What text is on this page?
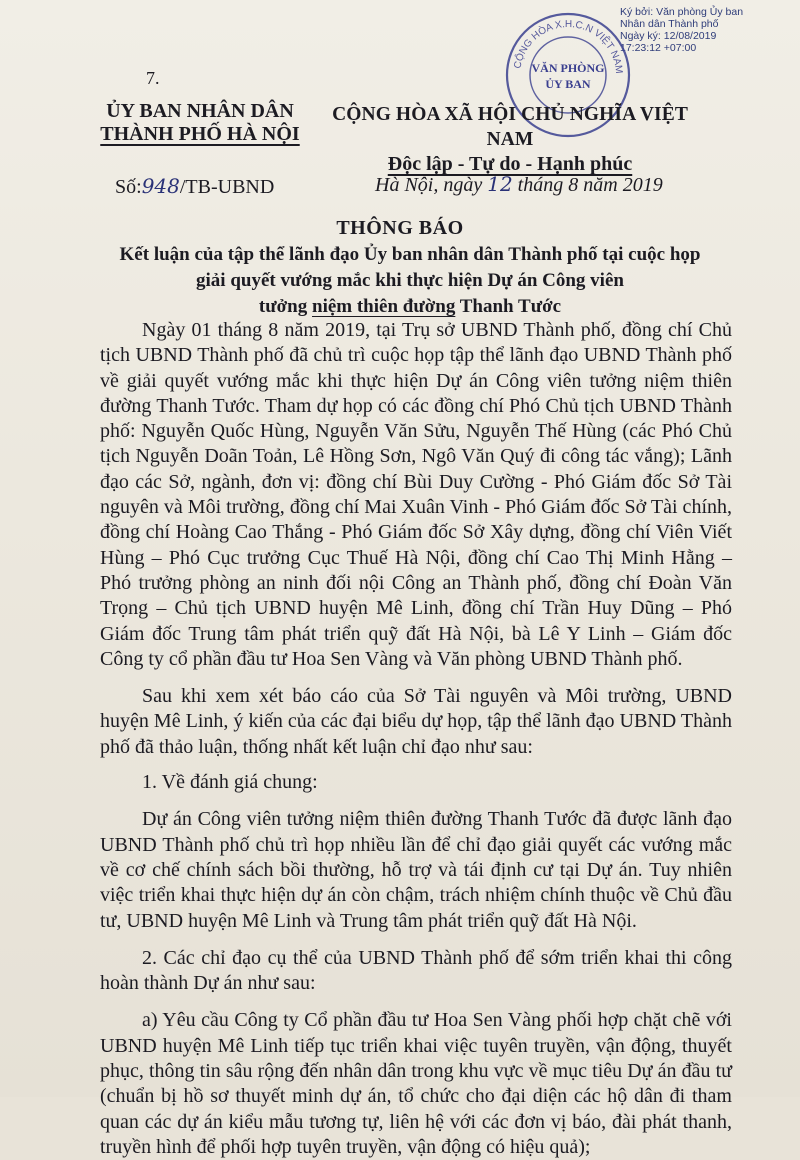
Ký bởi: Văn phòng Ủy ban
Nhân dân Thành phố
Ngày ký: 12/08/2019
17:23:12 +07:00
CỘNG HÒA X.H.C.N VIỆT NAM
VĂN PHÒNG
ỦY BAN
7.
ỦY BAN NHÂN DÂN
THÀNH PHỐ HÀ NỘI
CỘNG HÒA XÃ HỘI CHỦ NGHĨA VIỆT NAM
Độc lập - Tự do - Hạnh phúc
Số:948/TB-UBND	Hà Nội, ngày 12 tháng 8 năm 2019
THÔNG BÁO
Kết luận của tập thể lãnh đạo Ủy ban nhân dân Thành phố tại cuộc họp
giải quyết vướng mắc khi thực hiện Dự án Công viên
tưởng niệm thiên đường Thanh Tước

Ngày 01 tháng 8 năm 2019, tại Trụ sở UBND Thành phố, đồng chí Chủ tịch UBND Thành phố đã chủ trì cuộc họp tập thể lãnh đạo UBND Thành phố về giải quyết vướng mắc khi thực hiện Dự án Công viên tưởng niệm thiên đường Thanh Tước. Tham dự họp có các đồng chí Phó Chủ tịch UBND Thành phố: Nguyễn Quốc Hùng, Nguyễn Văn Sửu, Nguyễn Thế Hùng (các Phó Chủ tịch Nguyễn Doãn Toản, Lê Hồng Sơn, Ngô Văn Quý đi công tác vắng); Lãnh đạo các Sở, ngành, đơn vị: đồng chí Bùi Duy Cường - Phó Giám đốc Sở Tài nguyên và Môi trường, đồng chí Mai Xuân Vinh - Phó Giám đốc Sở Tài chính, đồng chí Hoàng Cao Thắng - Phó Giám đốc Sở Xây dựng, đồng chí Viên Viết Hùng – Phó Cục trưởng Cục Thuế Hà Nội, đồng chí Cao Thị Minh Hằng – Phó trưởng phòng an ninh đối nội Công an Thành phố, đồng chí Đoàn Văn Trọng – Chủ tịch UBND huyện Mê Linh, đồng chí Trần Huy Dũng – Phó Giám đốc Trung tâm phát triển quỹ đất Hà Nội, bà Lê Y Linh – Giám đốc Công ty cổ phần đầu tư Hoa Sen Vàng và Văn phòng UBND Thành phố.

Sau khi xem xét báo cáo của Sở Tài nguyên và Môi trường, UBND huyện Mê Linh, ý kiến của các đại biểu dự họp, tập thể lãnh đạo UBND Thành phố đã thảo luận, thống nhất kết luận chỉ đạo như sau:

1. Về đánh giá chung:

Dự án Công viên tưởng niệm thiên đường Thanh Tước đã được lãnh đạo UBND Thành phố chủ trì họp nhiều lần để chỉ đạo giải quyết các vướng mắc về cơ chế chính sách bồi thường, hỗ trợ và tái định cư tại Dự án. Tuy nhiên việc triển khai thực hiện dự án còn chậm, trách nhiệm chính thuộc về Chủ đầu tư, UBND huyện Mê Linh và Trung tâm phát triển quỹ đất Hà Nội.

2. Các chỉ đạo cụ thể của UBND Thành phố để sớm triển khai thi công hoàn thành Dự án như sau:

a) Yêu cầu Công ty Cổ phần đầu tư Hoa Sen Vàng phối hợp chặt chẽ với UBND huyện Mê Linh tiếp tục triển khai việc tuyên truyền, vận động, thuyết phục, thông tin sâu rộng đến nhân dân trong khu vực về mục tiêu Dự án đầu tư (chuẩn bị hồ sơ thuyết minh dự án, tổ chức cho đại diện các hộ dân đi tham quan các dự án kiểu mẫu tương tự, liên hệ với các đơn vị báo, đài phát thanh, truyền hình để phối hợp tuyên truyền, vận động có hiệu quả);
